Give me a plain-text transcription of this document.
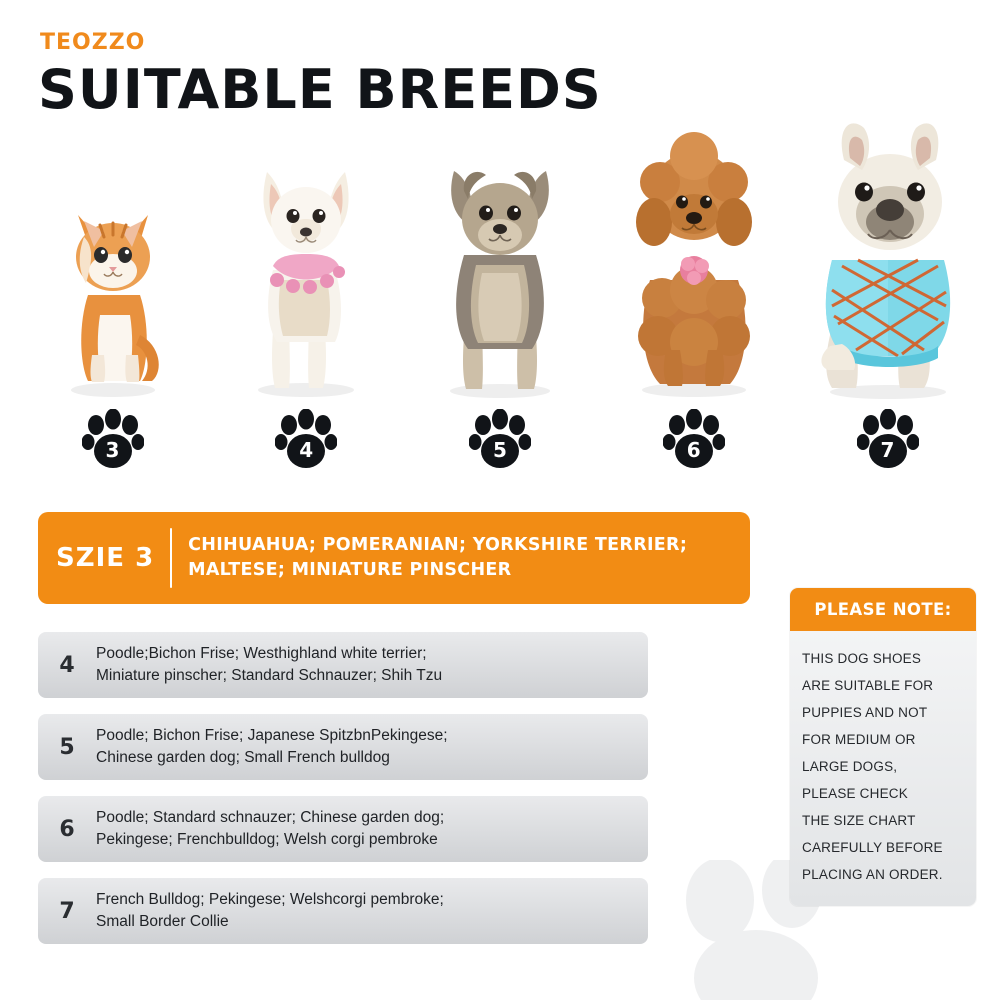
TEOZZO
SUITABLE BREEDS
3	4	5	6	7
SZIE 3	CHIHUAHUA; POMERANIAN; YORKSHIRE TERRIER; MALTESE; MINIATURE PINSCHER
4	Poodle;Bichon Frise; Westhighland white terrier;
Miniature pinscher; Standard Schnauzer; Shih Tzu
5	Poodle; Bichon Frise; Japanese SpitzbnPekingese;
Chinese garden dog; Small French bulldog
6	Poodle; Standard schnauzer; Chinese garden dog;
Pekingese; Frenchbulldog; Welsh corgi pembroke
7	French Bulldog; Pekingese; Welshcorgi pembroke;
Small Border Collie
PLEASE NOTE:
THIS DOG SHOES
ARE SUITABLE FOR
PUPPIES AND NOT
FOR MEDIUM OR
LARGE DOGS,
PLEASE CHECK
THE SIZE CHART
CAREFULLY BEFORE
PLACING AN ORDER.
